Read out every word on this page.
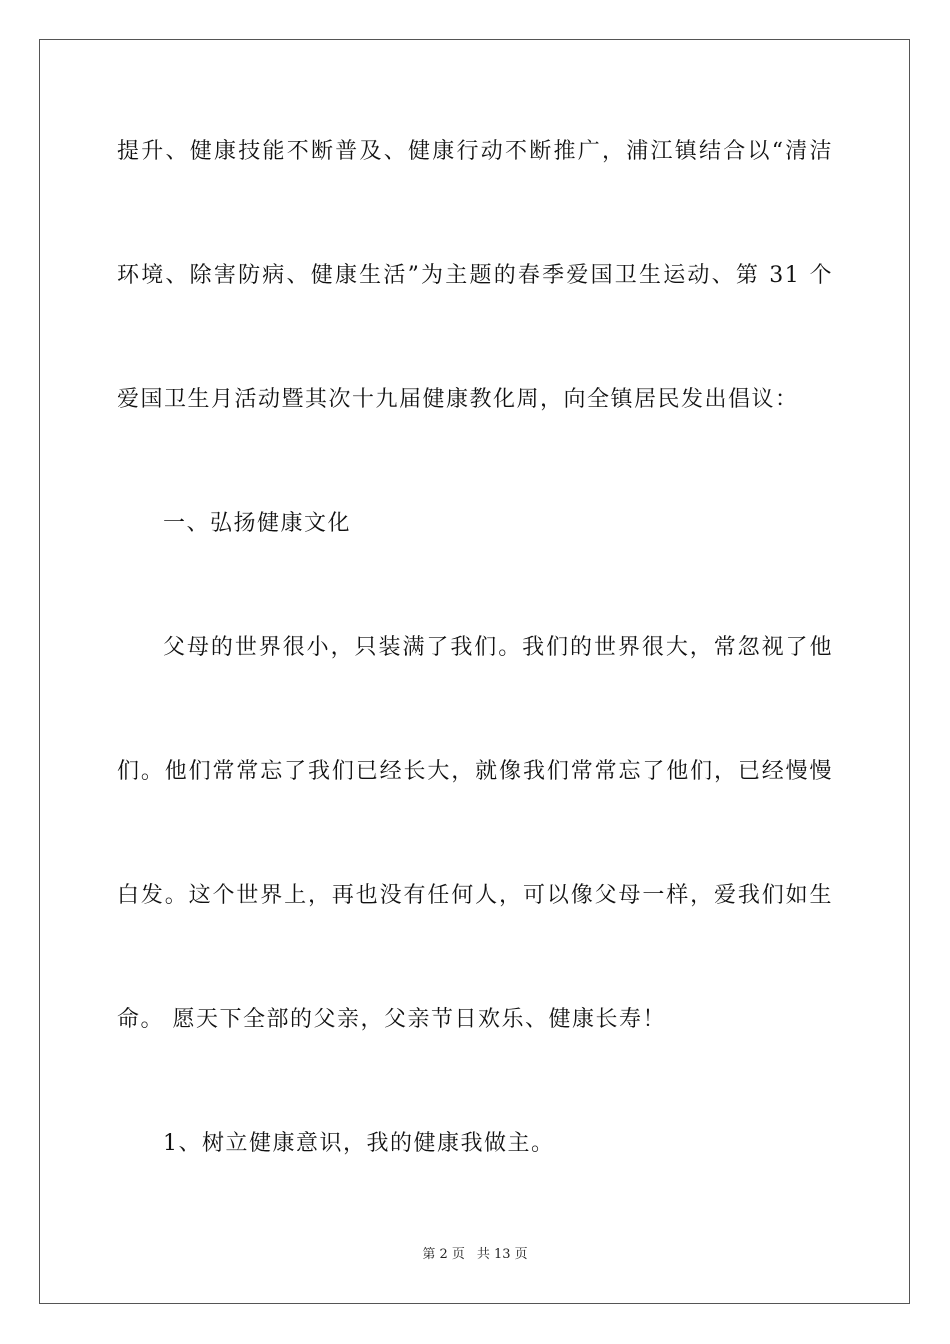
提升、健康技能不断普及、健康行动不断推广，浦江镇结合以“清洁
环境、除害防病、健康生活”为主题的春季爱国卫生运动、第 31 个
爱国卫生月活动暨其次十九届健康教化周，向全镇居民发出倡议：
一、弘扬健康文化
父母的世界很小，只装满了我们。我们的世界很大，常忽视了他
们。他们常常忘了我们已经长大，就像我们常常忘了他们，已经慢慢
白发。这个世界上，再也没有任何人，可以像父母一样，爱我们如生
命。 愿天下全部的父亲，父亲节日欢乐、健康长寿！
1、树立健康意识，我的健康我做主。
第 2 页 共 13 页
